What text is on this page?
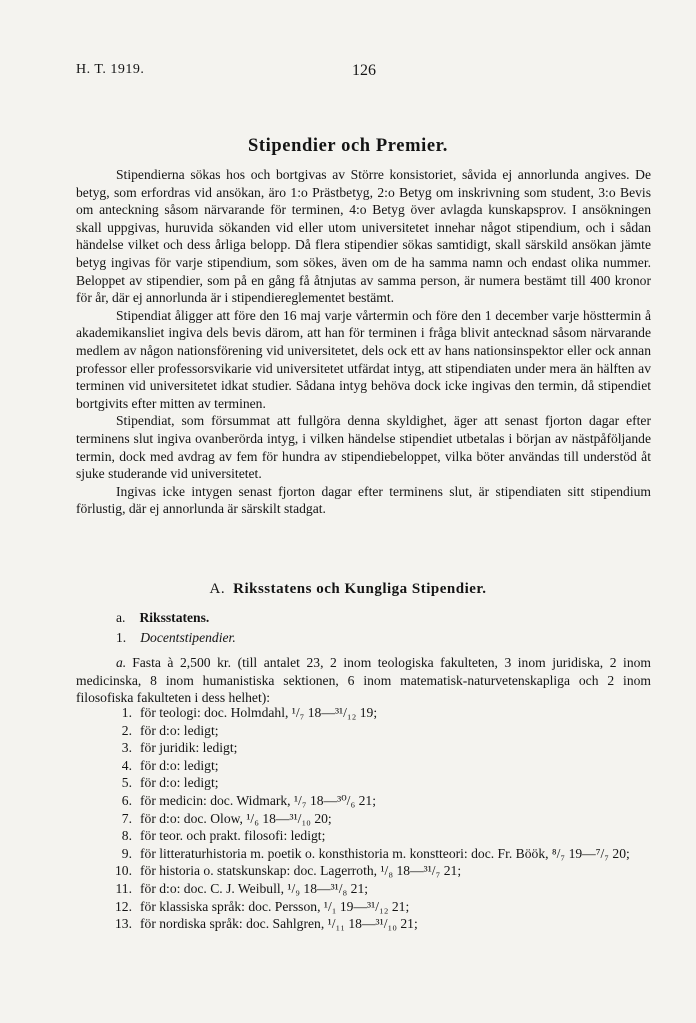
H. T. 1919.	126
Stipendier och Premier.

Stipendierna sökas hos och bortgivas av Större konsistoriet, såvida ej annorlunda angives. De betyg, som erfordras vid ansökan, äro 1:o Prästbetyg, 2:o Betyg om inskrivning som student, 3:o Bevis om anteckning såsom närvarande för terminen, 4:o Betyg över avlagda kunskapsprov. I ansökningen skall uppgivas, huruvida sökanden vid eller utom universitetet innehar något stipendium, och i sådan händelse vilket och dess årliga belopp. Då flera stipendier sökas samtidigt, skall särskild ansökan jämte betyg ingivas för varje stipendium, som sökes, även om de ha samma namn och endast olika nummer. Beloppet av stipendier, som på en gång få åtnjutas av samma person, är numera bestämt till 400 kronor för år, där ej annorlunda är i stipendiereglementet bestämt.

Stipendiat åligger att före den 16 maj varje vårtermin och före den 1 december varje hösttermin å akademikansliet ingiva dels bevis därom, att han för terminen i fråga blivit antecknad såsom närvarande medlem av någon nationsförening vid universitetet, dels ock ett av hans nationsinspektor eller ock annan professor eller professorsvikarie vid universitetet utfärdat intyg, att stipendiaten under mera än hälften av terminen vid universitetet idkat studier. Sådana intyg behöva dock icke ingivas den termin, då stipendiet bortgivits efter mitten av terminen.

Stipendiat, som försummat att fullgöra denna skyldighet, äger att senast fjorton dagar efter terminens slut ingiva ovanberörda intyg, i vilken händelse stipendiet utbetalas i början av nästpåföljande termin, dock med avdrag av fem för hundra av stipendiebeloppet, vilka böter användas till understöd åt sjuke studerande vid universitetet.

Ingivas icke intygen senast fjorton dagar efter terminens slut, är stipendiaten sitt stipendium förlustig, där ej annorlunda är särskilt stadgat.

A. Riksstatens och Kungliga Stipendier.
a. Riksstatens.
1. Docentstipendier.

a. Fasta à 2,500 kr. (till antalet 23, 2 inom teologiska fakulteten, 3 inom juridiska, 2 inom medicinska, 8 inom humanistiska sektionen, 6 inom matematisk-naturvetenskapliga och 2 inom filosofiska fakulteten i dess helhet):

1. för teologi: doc. Holmdahl, ¹/₇ 18—³¹/₁₂ 19;
2. för d:o: ledigt;
3. för juridik: ledigt;
4. för d:o: ledigt;
5. för d:o: ledigt;
6. för medicin: doc. Widmark, ¹/₇ 18—³⁰/₆ 21;
7. för d:o: doc. Olow, ¹/₆ 18—³¹/₁₀ 20;
8. för teor. och prakt. filosofi: ledigt;
9. för litteraturhistoria m. poetik o. konsthistoria m. konstteori: doc. Fr. Böök, ⁸/₇ 19—⁷/₇ 20;
10. för historia o. statskunskap: doc. Lagerroth, ¹/₈ 18—³¹/₇ 21;
11. för d:o: doc. C. J. Weibull, ¹/₉ 18—³¹/₈ 21;
12. för klassiska språk: doc. Persson, ¹/₁ 19—³¹/₁₂ 21;
13. för nordiska språk: doc. Sahlgren, ¹/₁₁ 18—³¹/₁₀ 21;
